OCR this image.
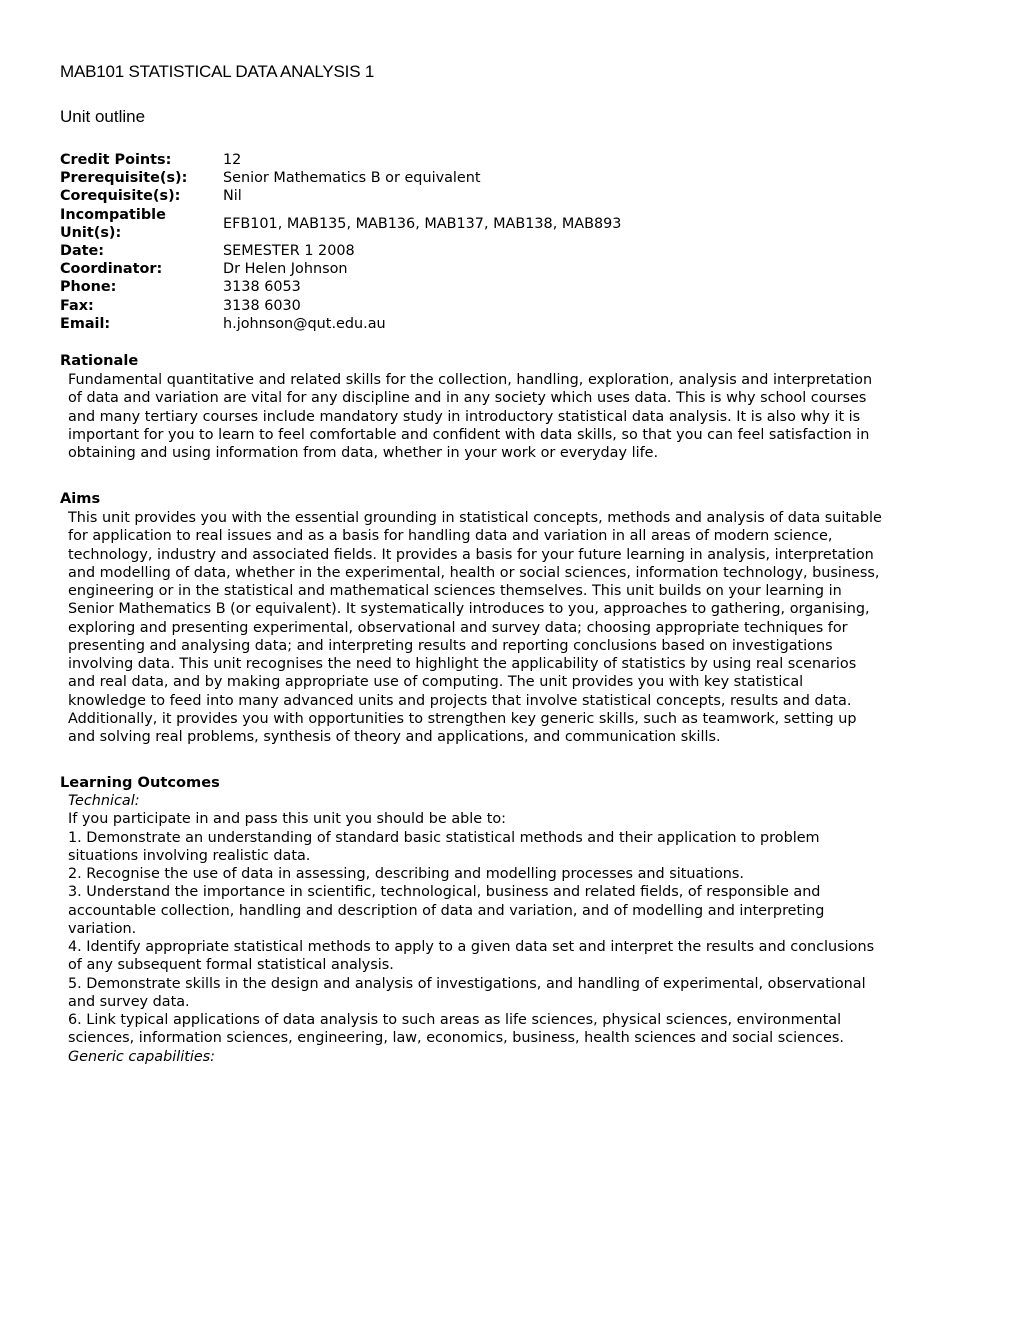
MAB101 STATISTICAL DATA ANALYSIS 1
Unit outline
Credit Points:	12
Prerequisite(s):	Senior Mathematics B or equivalent
Corequisite(s):	Nil
Incompatible Unit(s):
EFB101, MAB135, MAB136, MAB137, MAB138, MAB893
Date:	SEMESTER 1 2008
Coordinator:	Dr Helen Johnson
Phone:	3138 6053
Fax:	3138 6030
Email:	h.johnson@qut.edu.au
Rationale

Fundamental quantitative and related skills for the collection, handling, exploration, analysis and interpretation of data and variation are vital for any discipline and in any society which uses data. This is why school courses and many tertiary courses include mandatory study in introductory statistical data analysis. It is also why it is important for you to learn to feel comfortable and confident with data skills, so that you can feel satisfaction in obtaining and using information from data, whether in your work or everyday life.

Aims

This unit provides you with the essential grounding in statistical concepts, methods and analysis of data suitable for application to real issues and as a basis for handling data and variation in all areas of modern science, technology, industry and associated fields. It provides a basis for your future learning in analysis, interpretation and modelling of data, whether in the experimental, health or social sciences, information technology, business, engineering or in the statistical and mathematical sciences themselves. This unit builds on your learning in Senior Mathematics B (or equivalent). It systematically introduces to you, approaches to gathering, organising, exploring and presenting experimental, observational and survey data; choosing appropriate techniques for presenting and analysing data; and interpreting results and reporting conclusions based on investigations involving data. This unit recognises the need to highlight the applicability of statistics by using real scenarios and real data, and by making appropriate use of computing. The unit provides you with key statistical knowledge to feed into many advanced units and projects that involve statistical concepts, results and data. Additionally, it provides you with opportunities to strengthen key generic skills, such as teamwork, setting up and solving real problems, synthesis of theory and applications, and communication skills.

Learning Outcomes

Technical:

If you participate in and pass this unit you should be able to:

1. Demonstrate an understanding of standard basic statistical methods and their application to problem situations involving realistic data.

2. Recognise the use of data in assessing, describing and modelling processes and situations.

3. Understand the importance in scientific, technological, business and related fields, of responsible and accountable collection, handling and description of data and variation, and of modelling and interpreting variation.

4. Identify appropriate statistical methods to apply to a given data set and interpret the results and conclusions of any subsequent formal statistical analysis.

5. Demonstrate skills in the design and analysis of investigations, and handling of experimental, observational and survey data.

6. Link typical applications of data analysis to such areas as life sciences, physical sciences, environmental sciences, information sciences, engineering, law, economics, business, health sciences and social sciences.

Generic capabilities:
